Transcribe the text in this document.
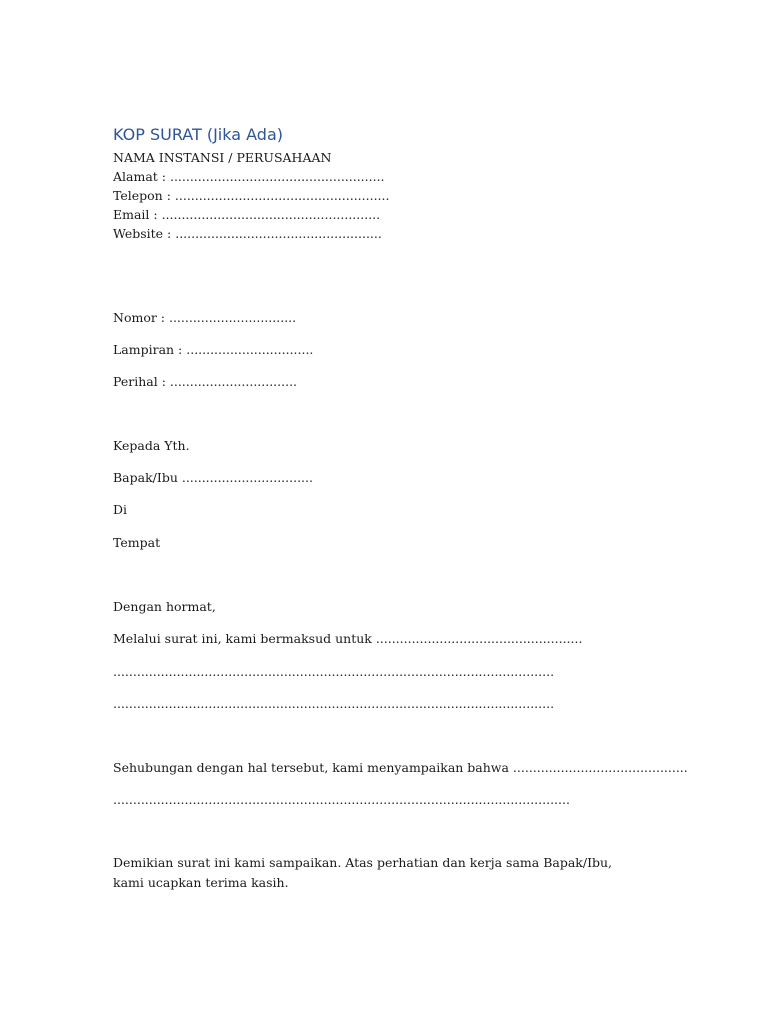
KOP SURAT (Jika Ada)
NAMA INSTANSI / PERUSAHAAN
Alamat : ......................................................
Telepon : ......................................................
Email : .......................................................
Website : ....................................................
Nomor : ................................
Lampiran : ................................
Perihal : ................................
Kepada Yth.
Bapak/Ibu .................................
Di
Tempat
Dengan hormat,
Melalui surat ini, kami bermaksud untuk ....................................................
...............................................................................................................
...............................................................................................................
Sehubungan dengan hal tersebut, kami menyampaikan bahwa ............................................
...................................................................................................................
Demikian surat ini kami sampaikan. Atas perhatian dan kerja sama Bapak/Ibu, kami ucapkan terima kasih.
